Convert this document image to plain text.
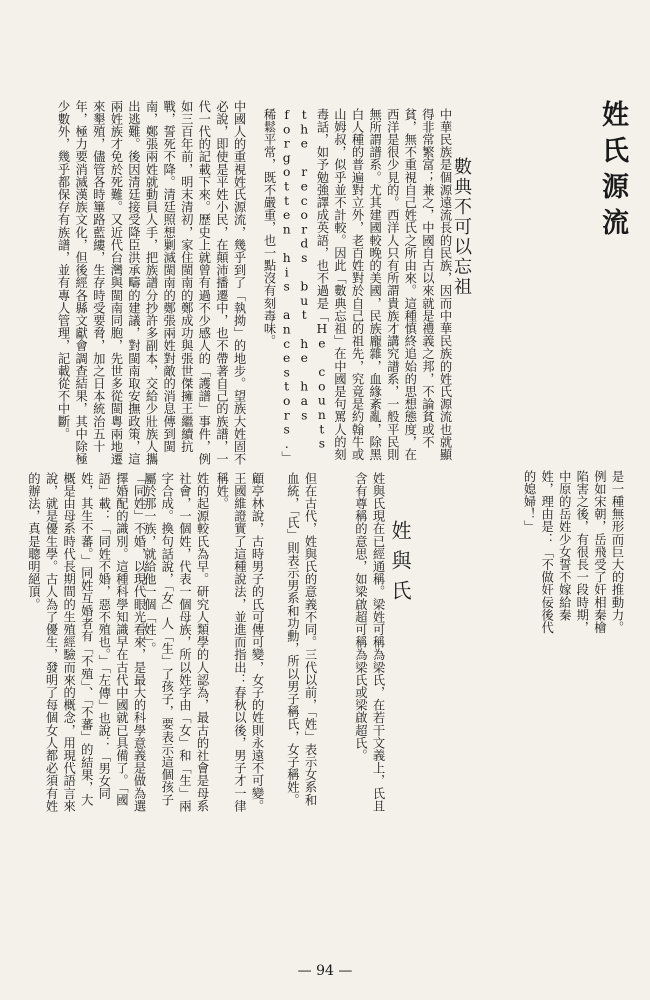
姓氏源流
數典不可以忘祖
中華民族是個源遠流長的民族，因而中華民族的姓氏源流也就顯得非常繁富；兼之，中國自古以來就是禮義之邦，不論貧或不貧，無不重視自己姓氏之所由來。這種慎終追始的思想態度，在西洋是很少見的。西洋人只有所謂貴族才講究譜系，一般平民則無所謂譜系。尤其建國較晚的美國，民族龐雜，血緣紊亂，除黑白人種的普遍對立外，老百姓對於自己的祖先，究竟是約翰牛或山姆叔，似乎並不計較。因此「數典忘祖」在中國是句罵人的刻毒話，如予勉強譯成英語，也不過是「He counts the records but he has forgotten his ancestors.」稀鬆平常，既不嚴重，也一點沒有刻毒味。
中國人的重視姓氏源流，幾乎到了「執拗」的地步。望族大姓固不必說，即使是平姓小民，在顛沛播遷中，也不帶著自己的族譜，一代一代的記載下來。歷史上就曾有過不少感人的「護譜」事件，例如三百年前，明末清初，家住閩南的鄭成功與張世傑擁王繼續抗戰，誓死不降。清廷照想剿滅閩南的鄭張兩姓對敵的消息傳到閩南，鄭張兩姓就動員人手，把族譜分抄許多副本，交給少壯族人攜出逃難。後因清廷接受降臣洪承疇的建議，對閩南取安撫政策，這兩姓族才免於死難。又近代台灣與閩南同胞，先世多從閩粵兩地遷來墾殖，儘管各時篳路藍縷，生存時受要脅，加之日本統治五十年，極力要消滅漢族文化，但後經各縣文獻會調查結果，其中除極少數外，幾乎都保存有族譜，並有專人管理，記載從不中斷。
是一種無形而巨大的推動力。例如宋朝，岳飛受了奸相秦檜陷害之後，有很長一段時期，中原的岳姓少女誓不嫁給秦姓，理由是：「不做奸佞後代的媳婦！」
姓與氏
姓與氏現在已經通稱。梁姓可稱為梁氏，在若干文義上，氏且含有尊稱的意思，如梁啟超可稱為梁氏或梁啟超氏。
但在古代，姓與氏的意義不同。三代以前，「姓」表示女系和血統，「氏」則表示男系和功勳，所以男子稱氏，女子稱姓。
顧亭林說，古時男子的氏可傳可變，女子的姓則永遠不可變。王國維證實了這種說法，並進而指出：春秋以後，男子才一律稱姓。
姓的起源較氏為早。研究人類學的人認為，最古的社會是母系社會，一個姓，代表一個母族，所以姓字由「女」和「生」兩字合成。換句話說，「女」人「生」了孩子，要表示這個孩子屬於那一族，就給他一個「姓」。
「同姓」不婚，以現代眼光看來，是最大的科學意義是做為選擇婚配的識別。這種科學知識早在古代中國就已具備了。「國語」載：「同姓不婚，惡不殖也。」「左傳」也說：「男女同姓，其生不蕃。」同姓互婚者有「不殖」、「不蕃」的結果，大概是由母系時代長期間的生殖經驗而來的概念，用現代語言來說，就是優生學。古人為了優生，發明了每個女人都必須有姓的辦法，真是聰明絕頂。
— 94 —
